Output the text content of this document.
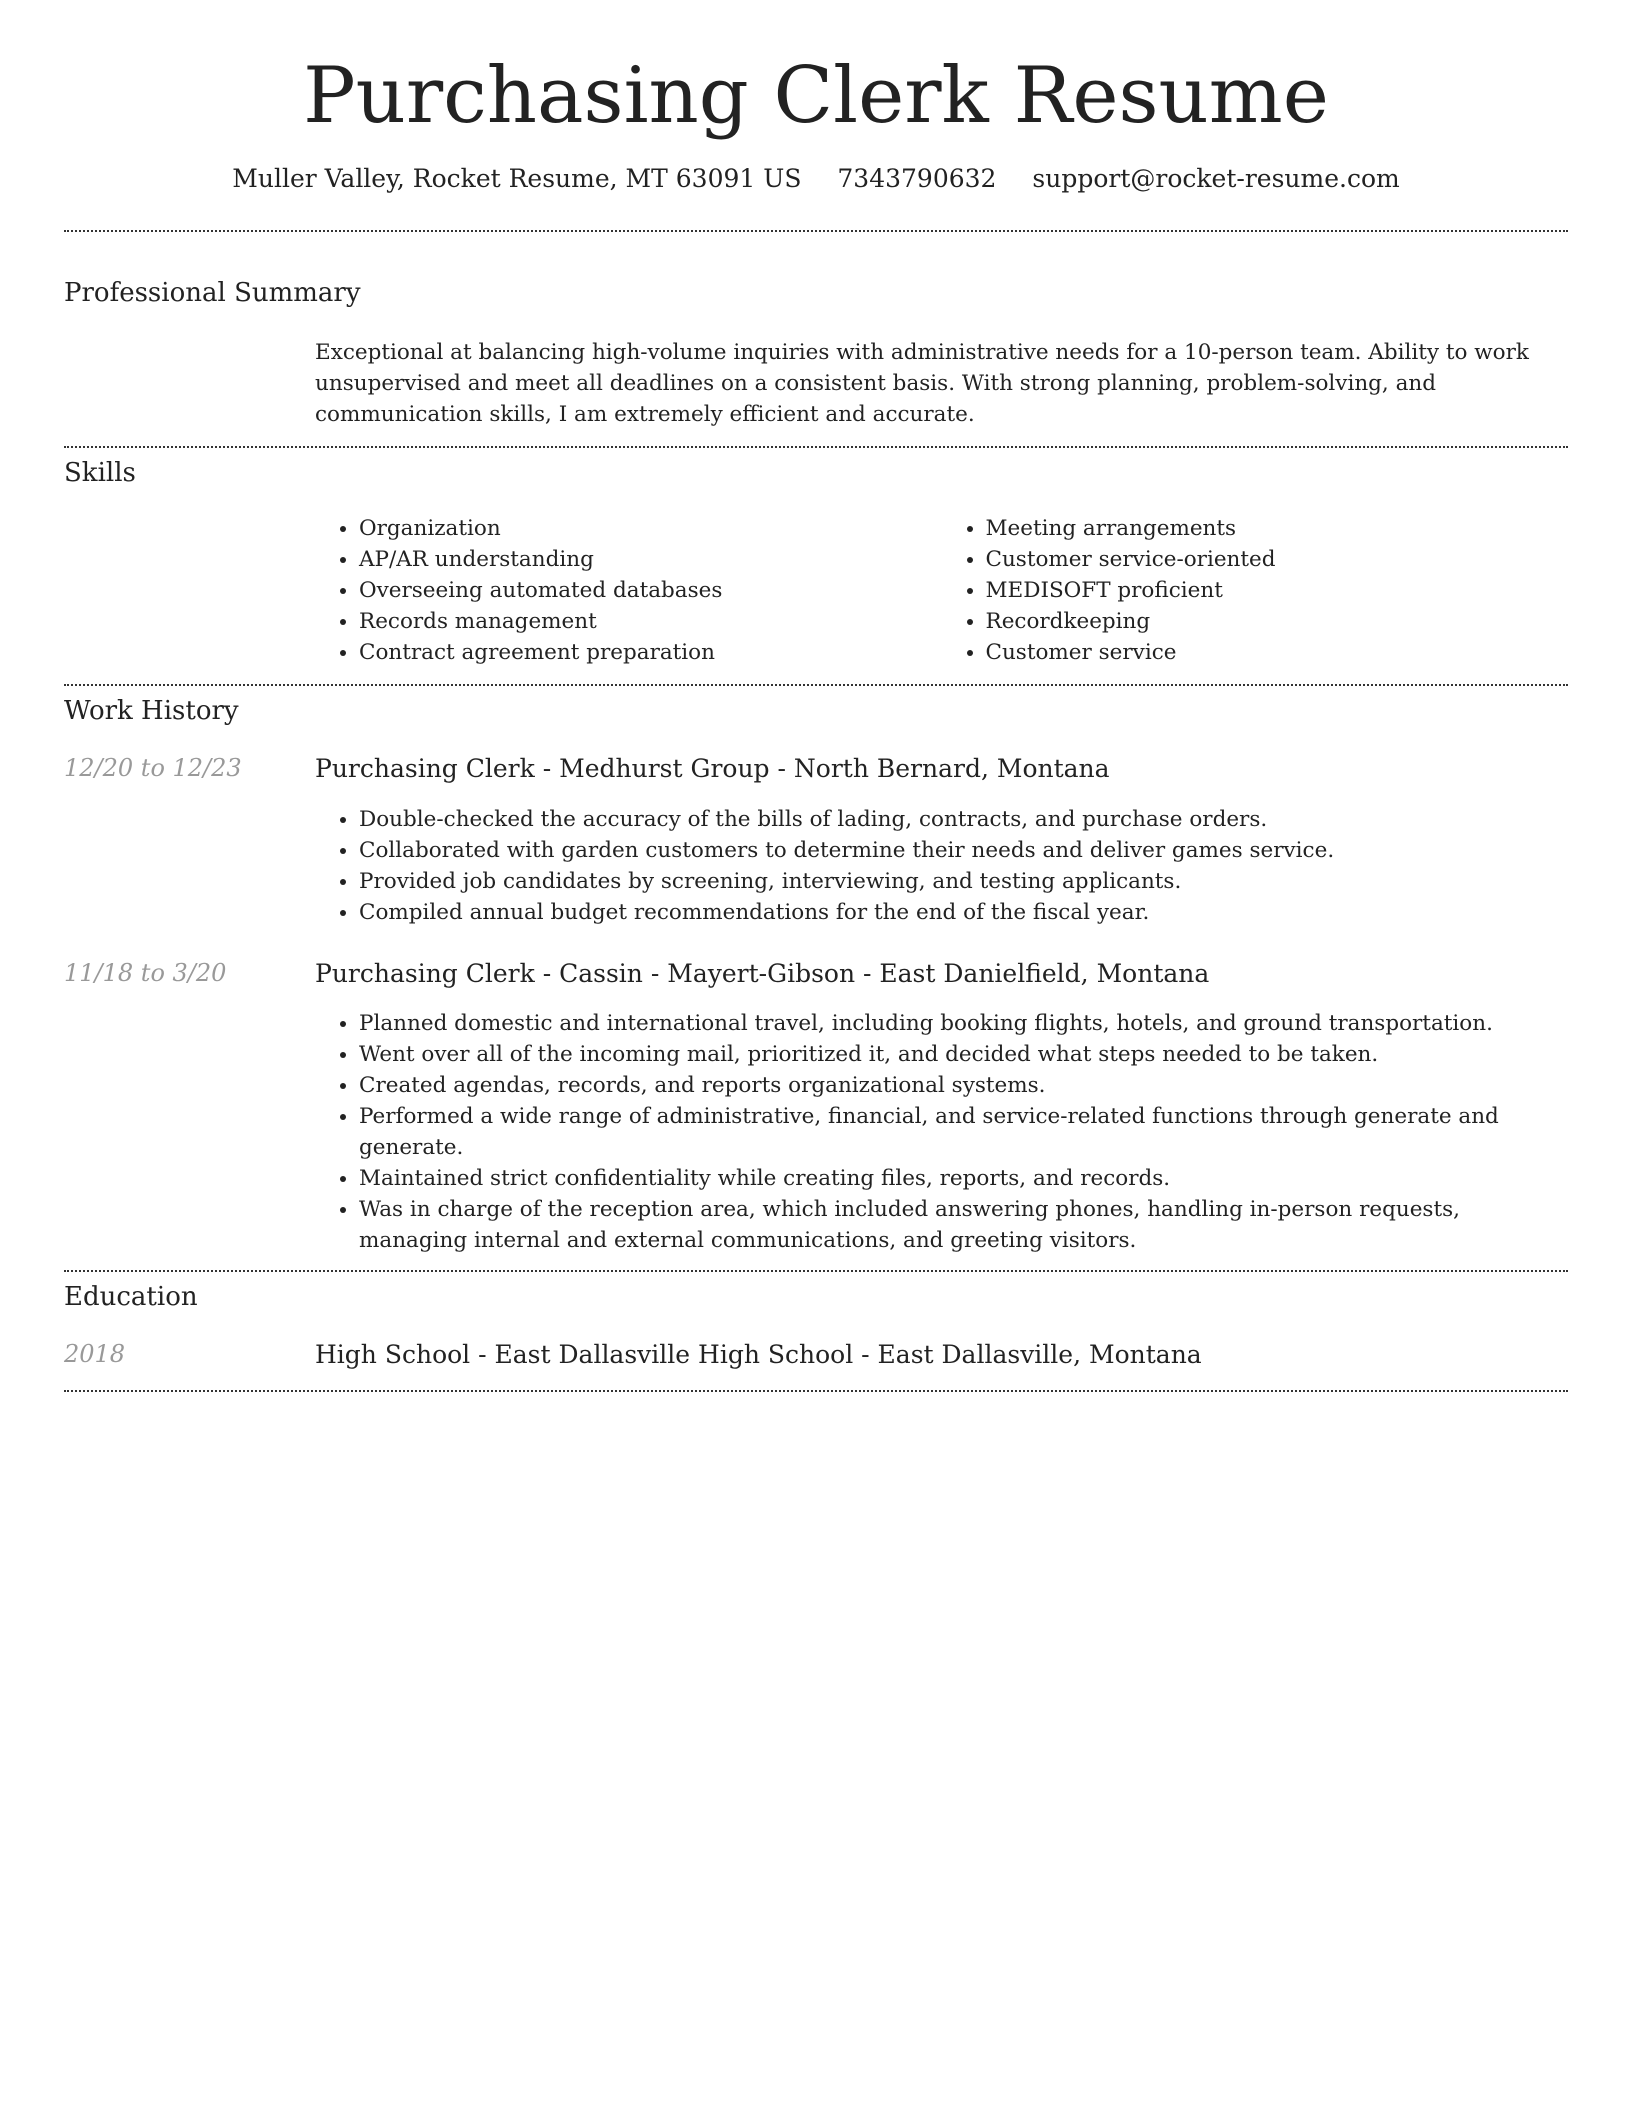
Purchasing Clerk Resume
Muller Valley, Rocket Resume, MT 63091 US 7343790632 support@rocket-resume.com
Professional Summary

Exceptional at balancing high-volume inquiries with administrative needs for a 10-person team. Ability to work unsupervised and meet all deadlines on a consistent basis. With strong planning, problem-solving, and communication skills, I am extremely efficient and accurate.

Skills
• Organization
• AP/AR understanding
• Overseeing automated databases
• Records management
• Contract agreement preparation
• Meeting arrangements
• Customer service-oriented
• MEDISOFT proficient
• Recordkeeping
• Customer service
Work History
12/20 to 12/23	Purchasing Clerk - Medhurst Group - North Bernard, Montana
• Double-checked the accuracy of the bills of lading, contracts, and purchase orders.
• Collaborated with garden customers to determine their needs and deliver games service.
• Provided job candidates by screening, interviewing, and testing applicants.
• Compiled annual budget recommendations for the end of the fiscal year.
11/18 to 3/20	Purchasing Clerk - Cassin - Mayert-Gibson - East Danielfield, Montana
• Planned domestic and international travel, including booking flights, hotels, and ground transportation.
• Went over all of the incoming mail, prioritized it, and decided what steps needed to be taken.
• Created agendas, records, and reports organizational systems.
• Performed a wide range of administrative, financial, and service-related functions through generate and generate.
• Maintained strict confidentiality while creating files, reports, and records.
• Was in charge of the reception area, which included answering phones, handling in-person requests, managing internal and external communications, and greeting visitors.
Education
2018	High School - East Dallasville High School - East Dallasville, Montana
